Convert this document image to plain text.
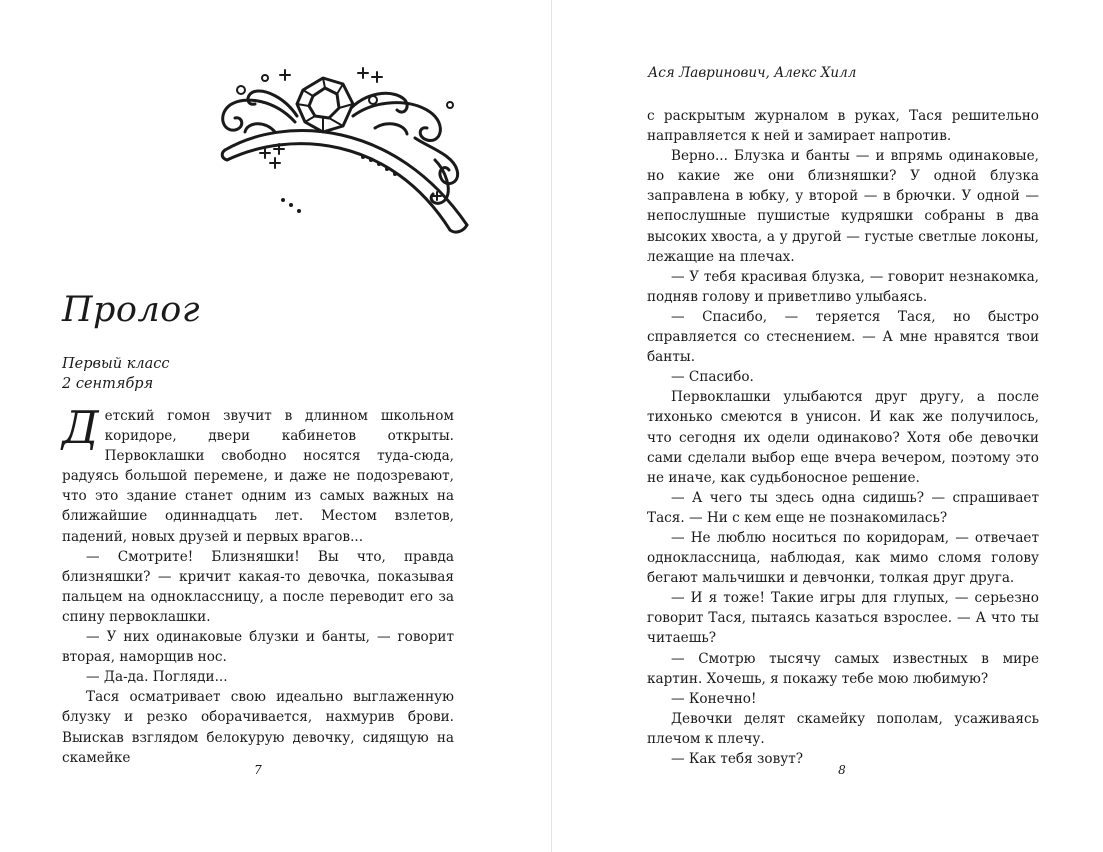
Пролог
Первый класс
2 сентября

Детский гомон звучит в длинном школьном коридоре, двери кабинетов открыты. Первоклашки свободно носятся туда-сюда, радуясь большой перемене, и даже не подозревают, что это здание станет одним из самых важных на ближайшие одиннадцать лет. Местом взлетов, падений, новых друзей и первых врагов...

— Смотрите! Близняшки! Вы что, правда близняшки? — кричит какая-то девочка, показывая пальцем на одноклассницу, а после переводит его за спину первоклашки.

— У них одинаковые блузки и банты, — говорит вторая, наморщив нос.

— Да-да. Погляди...

Тася осматривает свою идеально выглаженную блузку и резко оборачивается, нахмурив брови. Выискав взглядом белокурую девочку, сидящую на скамейке

7
Ася Лавринович, Алекс Хилл

с раскрытым журналом в руках, Тася решительно направляется к ней и замирает напротив.

Верно... Блузка и банты — и впрямь одинаковые, но какие же они близняшки? У одной блузка заправлена в юбку, у второй — в брючки. У одной — непослушные пушистые кудряшки собраны в два высоких хвоста, а у другой — густые светлые локоны, лежащие на плечах.

— У тебя красивая блузка, — говорит незнакомка, подняв голову и приветливо улыбаясь.

— Спасибо, — теряется Тася, но быстро справляется со стеснением. — А мне нравятся твои банты.

— Спасибо.

Первоклашки улыбаются друг другу, а после тихонько смеются в унисон. И как же получилось, что сегодня их одели одинаково? Хотя обе девочки сами сделали выбор еще вчера вечером, поэтому это не иначе, как судьбоносное решение.

— А чего ты здесь одна сидишь? — спрашивает Тася. — Ни с кем еще не познакомилась?

— Не люблю носиться по коридорам, — отвечает одноклассница, наблюдая, как мимо сломя голову бегают мальчишки и девчонки, толкая друг друга.

— И я тоже! Такие игры для глупых, — серьезно говорит Тася, пытаясь казаться взрослее. — А что ты читаешь?

— Смотрю тысячу самых известных в мире картин. Хочешь, я покажу тебе мою любимую?

— Конечно!

Девочки делят скамейку пополам, усаживаясь плечом к плечу.

— Как тебя зовут?

8
